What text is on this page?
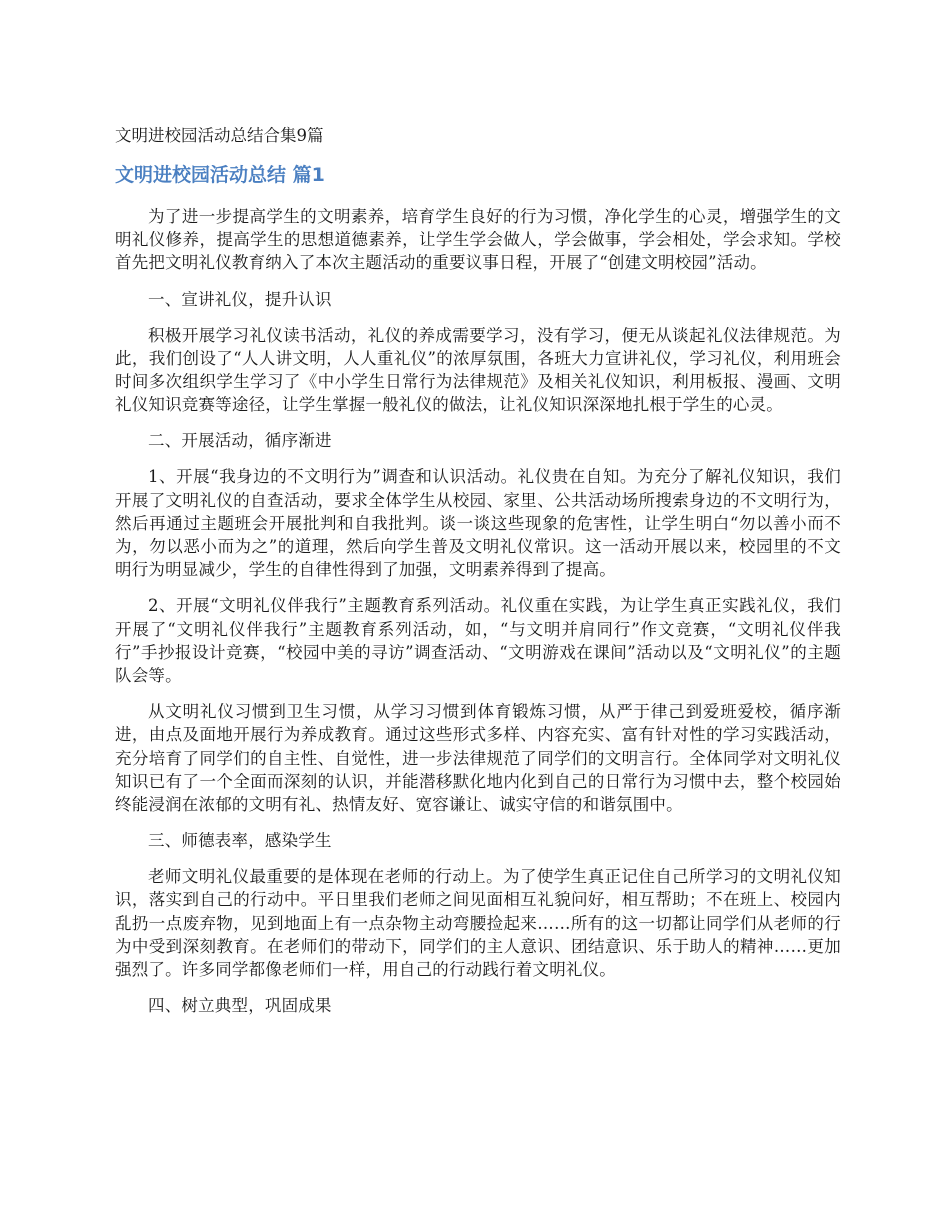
文明进校园活动总结合集9篇
文明进校园活动总结 篇1

为了进一步提高学生的文明素养，培育学生良好的行为习惯，净化学生的心灵，增强学生的文明礼仪修养，提高学生的思想道德素养，让学生学会做人，学会做事，学会相处，学会求知。学校首先把文明礼仪教育纳入了本次主题活动的重要议事日程，开展了“创建文明校园”活动。

一、宣讲礼仪，提升认识

积极开展学习礼仪读书活动，礼仪的养成需要学习，没有学习，便无从谈起礼仪法律规范。为此，我们创设了“人人讲文明，人人重礼仪”的浓厚氛围，各班大力宣讲礼仪，学习礼仪，利用班会时间多次组织学生学习了《中小学生日常行为法律规范》及相关礼仪知识，利用板报、漫画、文明礼仪知识竞赛等途径，让学生掌握一般礼仪的做法，让礼仪知识深深地扎根于学生的心灵。

二、开展活动，循序渐进

1、开展“我身边的不文明行为”调查和认识活动。礼仪贵在自知。为充分了解礼仪知识，我们开展了文明礼仪的自查活动，要求全体学生从校园、家里、公共活动场所搜索身边的不文明行为，然后再通过主题班会开展批判和自我批判。谈一谈这些现象的危害性，让学生明白“勿以善小而不为，勿以恶小而为之”的道理，然后向学生普及文明礼仪常识。这一活动开展以来，校园里的不文明行为明显减少，学生的自律性得到了加强，文明素养得到了提高。

2、开展“文明礼仪伴我行”主题教育系列活动。礼仪重在实践，为让学生真正实践礼仪，我们开展了“文明礼仪伴我行”主题教育系列活动，如，“与文明并肩同行”作文竞赛，“文明礼仪伴我行”手抄报设计竞赛，“校园中美的寻访”调查活动、“文明游戏在课间”活动以及“文明礼仪”的主题队会等。

从文明礼仪习惯到卫生习惯，从学习习惯到体育锻炼习惯，从严于律己到爱班爱校，循序渐进，由点及面地开展行为养成教育。通过这些形式多样、内容充实、富有针对性的学习实践活动，充分培育了同学们的自主性、自觉性，进一步法律规范了同学们的文明言行。全体同学对文明礼仪知识已有了一个全面而深刻的认识，并能潜移默化地内化到自己的日常行为习惯中去，整个校园始终能浸润在浓郁的文明有礼、热情友好、宽容谦让、诚实守信的和谐氛围中。

三、师德表率，感染学生

老师文明礼仪最重要的是体现在老师的行动上。为了使学生真正记住自己所学习的文明礼仪知识，落实到自己的行动中。平日里我们老师之间见面相互礼貌问好，相互帮助；不在班上、校园内乱扔一点废弃物，见到地面上有一点杂物主动弯腰捡起来……所有的这一切都让同学们从老师的行为中受到深刻教育。在老师们的带动下，同学们的主人意识、团结意识、乐于助人的精神……更加强烈了。许多同学都像老师们一样，用自己的行动践行着文明礼仪。

四、树立典型，巩固成果
